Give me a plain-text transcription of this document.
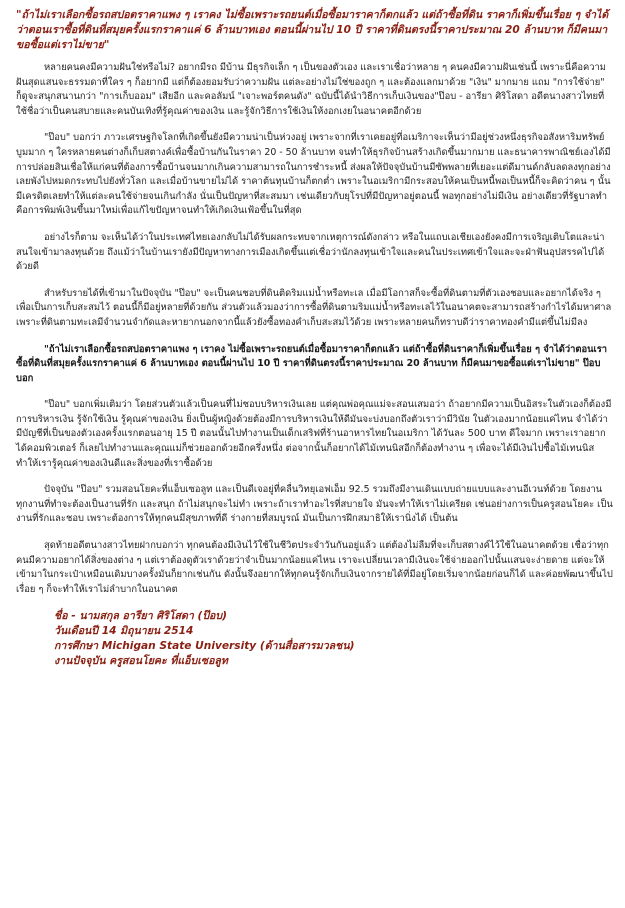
"ถ้าไม่เราเลือกซื้อรถสปอตราคาแพง ๆ เราคง ไม่ซื้อเพราะรถยนต์เมื่อซื้อมาราคาก็ตกแล้ว แต่ถ้าซื้อที่ดิน ราคาก็เพิ่มขึ้นเรื่อย ๆ จำได้ว่าตอนเราซื้อที่ดินที่สมุยครั้งแรกราคาแค่ 6 ล้านบาทเอง ตอนนี้ผ่านไป 10 ปี ราคาที่ดินตรงนี้ราคาประมาณ 20 ล้านบาท ก็มีคนมาขอซื้อแต่เราไม่ขาย"

หลายคนคงมีความฝันใช่หรือไม่? อยากมีรถ มีบ้าน มีธุรกิจเล็ก ๆ เป็นของตัวเอง และเราเชื่อว่าหลาย ๆ คนคงมีความฝันเช่นนี้ เพราะนี่คือความฝันสุดแสนจะธรรมดาที่ใคร ๆ ก็อยากมี แต่ก็ต้องยอมรับว่าความฝัน แต่ละอย่างไม่ใช่ของถูก ๆ และต้องแลกมาด้วย "เงิน" มากมาย แถม "การใช้จ่าย" ก็ดูจะสนุกสนานกว่า "การเก็บออม" เสียอีก และคอลัมน์ "เจาะพอร์ตคนดัง" ฉบับนี้ได้นำวิธีการเก็บเงินของ"ป๊อบ - อารียา ศิริโสดา อดีตนางสาวไทยที่ใช้ชื่อว่าเป็นคนสบายและคนบันเทิงที่รู้คุณค่าของเงิน และรู้จักวิธีการใช้เงินให้งอกเงยในอนาคตอีกด้วย

"ป๊อบ" บอกว่า ภาวะเศรษฐกิจโลกที่เกิดขึ้นยังมีความน่าเป็นห่วงอยู่ เพราะจากที่เราเคยอยู่ที่อเมริกาจะเห็นว่ามีอยู่ช่วงหนึ่งธุรกิจอสังหาริมทรัพย์บูมมาก ๆ ใครหลายคนต่างก็เก็บสตางค์เพื่อซื้อบ้านกันในราคา 20 - 50 ล้านบาท จนทำให้ธุรกิจบ้านสร้างเกิดขึ้นมากมาย และธนาคารพาณิชย์เองได้มีการปล่อยสินเชื่อให้แก่คนที่ต้องการซื้อบ้านจนมากเกินความสามารถในการชำระหนี้ ส่งผลให้ปัจจุบันบ้านมีซัพพลายที่เยอะแต่ดีมานด์กลับลดลงทุกอย่างเลยพังไปหมดกระทบไปยังทั่วโลก และเมื่อบ้านขายไม่ได้ ราคาต้นทุนบ้านก็ตกต่ำ เพราะในอเมริกามีกระสอบให้คนเป็นหนี้พอเป็นหนี้ก็จะคิดว่าคน ๆ นั้นมีเครดิตเลยทำให้แต่ละคนใช้จ่ายจนเกินกำลัง นั่นเป็นปัญหาที่สะสมมา เช่นเดียวกับยุโรปที่มีปัญหาอยู่ตอนนี้ พอทุกอย่างไม่มีเงิน อย่างเดียวที่รัฐบาลทำ คือการพิมพ์เงินขึ้นมาใหม่เพื่อแก้ไขปัญหาจนทำให้เกิดเงินเฟ้อขึ้นในที่สุด

อย่างไรก็ตาม จะเห็นได้ว่าในประเทศไทยเองกลับไม่ได้รับผลกระทบจากเหตุการณ์ดังกล่าว หรือในแถบเอเชียเองยังคงมีการเจริญเติบโตและน่าสนใจเข้ามาลงทุนด้วย ถึงแม้ว่าในบ้านเรายังมีปัญหาทางการเมืองเกิดขึ้นแต่เชื่อว่านักลงทุนเข้าใจและคนในประเทศเข้าใจและจะฝ่าฟันอุปสรรคไปได้ด้วยดี

สำหรับรายได้ที่เข้ามาในปัจจุบัน "ป๊อบ" จะเป็นคนชอบที่ดินติดริมแม่น้ำหรือทะเล เมื่อมีโอกาสก็จะซื้อที่ดินตามที่ตัวเองชอบและอยากได้จริง ๆ เพื่อเป็นการเก็บสะสมไว้ ตอนนี้ก็มีอยู่หลายที่ด้วยกัน ส่วนตัวแล้วมองว่าการซื้อที่ดินตามริมแม่น้ำหรือทะเลไว้ในอนาคตจะสามารถสร้างกำไรได้มหาศาล เพราะที่ดินตามทะเลมีจำนวนจำกัดและหายากนอกจากนี้แล้วยังซื้อทองคำเก็บสะสมไว้ด้วย เพราะหลายคนก็ทราบดีว่าราคาทองคำมีแต่ขึ้นไม่มีลง

"ถ้าไม่เราเลือกซื้อรถสปอตราคาแพง ๆ เราคง ไม่ซื้อเพราะรถยนต์เมื่อซื้อมาราคาก็ตกแล้ว แต่ถ้าซื้อที่ดินราคาก็เพิ่มขึ้นเรื่อย ๆ จำได้ว่าตอนเราซื้อที่ดินที่สมุยครั้งแรกราคาแค่ 6 ล้านบาทเอง ตอนนี้ผ่านไป 10 ปี ราคาที่ดินตรงนี้ราคาประมาณ 20 ล้านบาท ก็มีคนมาขอซื้อแต่เราไม่ขาย" ป๊อบ บอก

"ป๊อบ" บอกเพิ่มเติมว่า โดยส่วนตัวแล้วเป็นคนที่ไม่ชอบบริหารเงินเลย แต่คุณพ่อคุณแม่จะสอนเสมอว่า ถ้าอยากมีความเป็นอิสระในตัวเองก็ต้องมีการบริหารเงิน รู้จักใช้เงิน รู้คุณค่าของเงิน ยิ่งเป็นผู้หญิงด้วยต้องมีการบริหารเงินให้ดีมันจะบ่งบอกถึงตัวเราว่ามีวินัย ในตัวเองมากน้อยแค่ไหน จำได้ว่ามีบัญชีที่เป็นของตัวเองครั้งแรกตอนอายุ 15 ปี ตอนนั้นไปทำงานเป็นเด็กเสริฟที่ร้านอาหารไทยในอเมริกา ได้วันละ 500 บาท ดีใจมาก เพราะเราอยากได้คอมพิวเตอร์ ก็เลยไปทำงานและคุณแม่ก็ช่วยออกด้วยอีกครึ่งหนึ่ง ต่อจากนั้นก็อยากได้ไม้เทนนิสอีกก็ต้องทำงาน ๆ เพื่อจะได้มีเงินไปซื้อไม้เทนนิส ทำให้เรารู้คุณค่าของเงินดีและสิ่งของที่เราซื้อด้วย

ปัจจุบัน "ป๊อบ" รวมสอนโยคะที่แอ็บเซอลูท และเป็นดีเจอยู่ที่คลื่นวิทยุเอฟเอ็ม 92.5 รวมถึงมีงานเดินแบบถ่ายแบบและงานอีเวนท์ด้วย โดยงานทุกงานที่ทำจะต้องเป็นงานที่รัก และสนุก ถ้าไม่สนุกจะไม่ทำ เพราะถ้าเราทำอะไรที่สบายใจ มันจะทำให้เราไม่เครียด เช่นอย่างการเป็นครูสอนโยคะ เป็นงานที่รักและชอบ เพราะต้องการให้ทุกคนมีสุขภาพที่ดี ร่างกายที่สมบูรณ์ มันเป็นการฝึกสมาธิให้เรานิ่งได้ เป็นต้น

สุดท้ายอดีตนางสาวไทยฝากบอกว่า ทุกคนต้องมีเงินไว้ใช้ในชีวิตประจำวันกันอยู่แล้ว แต่ต้องไม่ลืมที่จะเก็บสตางค์ไว้ใช้ในอนาคตด้วย เชื่อว่าทุกคนมีความอยากได้สิ่งของต่าง ๆ แต่เราต้องดูตัวเราด้วยว่าจำเป็นมากน้อยแค่ไหน เราจะเปลี่ยนเวลามีเงินจะใช้จ่ายออกไปนั้นแสนจะง่ายดาย แต่จะให้เข้ามาในกระเป๋าเหมือนเดิมบางครั้งมันก็ยากเช่นกัน ดังนั้นจึงอยากให้ทุกคนรู้จักเก็บเงินจากรายได้ที่มีอยู่โดยเริ่มจากน้อยก่อนก็ได้ และค่อยพัฒนาขึ้นไปเรื่อย ๆ ก็จะทำให้เราไม่ลำบากในอนาคต

ชื่อ - นามสกุล อารียา ศิริโสดา (ป๊อบ)
วันเดือนปี 14 มิถุนายน 2514
การศึกษา Michigan State University (ด้านสื่อสารมวลชน)
งานปัจจุบัน ครูสอนโยคะ ที่แอ็บเซอลูท
